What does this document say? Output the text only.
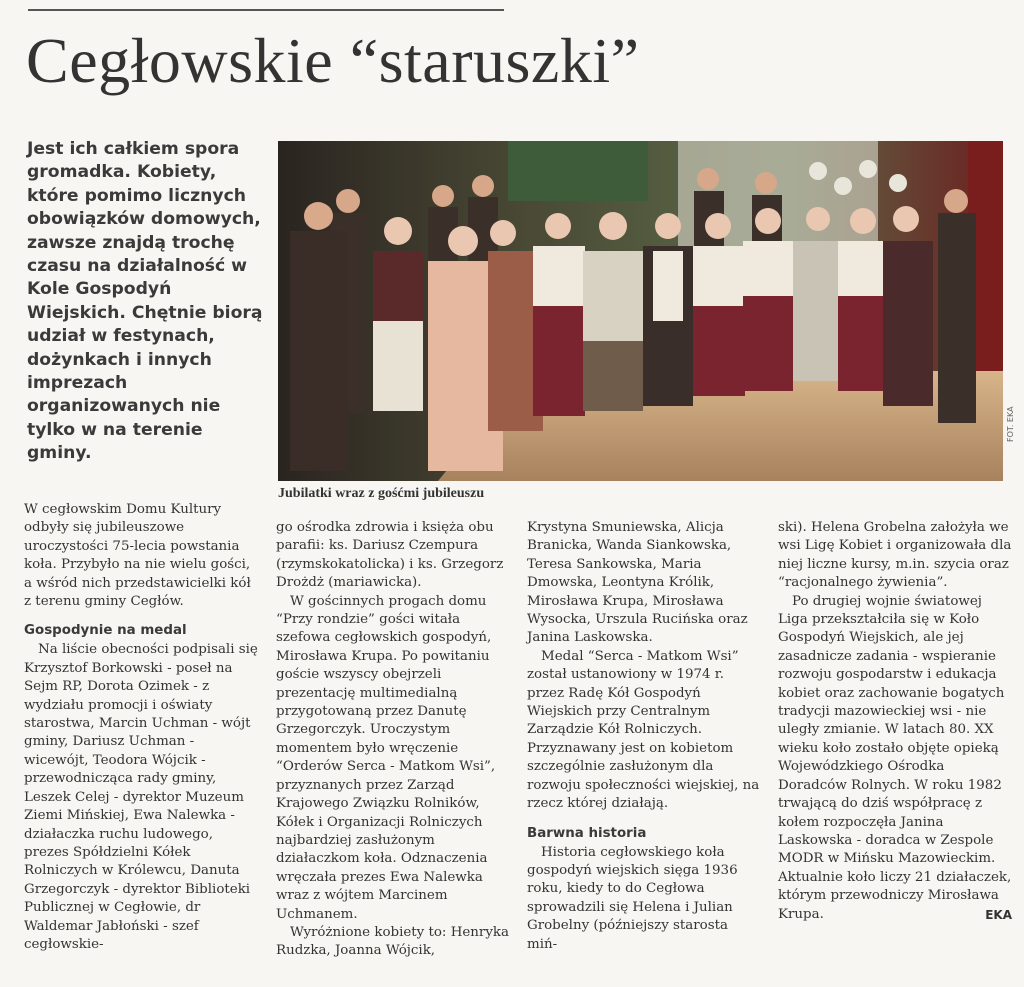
Cegłowskie “staruszki”

Jest ich całkiem spora gromadka. Kobiety, które pomimo licznych obowiązków domowych, zawsze znajdą trochę czasu na działalność w Kole Gospodyń Wiejskich. Chętnie biorą udział w festynach, dożynkach i innych imprezach organizowanych nie tylko w na terenie gminy.

FOT. EKA

Jubilatki wraz z gośćmi jubileuszu

W cegłowskim Domu Kultury odbyły się jubileuszowe uroczystości 75-lecia powstania koła. Przybyło na nie wielu gości, a wśród nich przedstawicielki kół z terenu gminy Cegłów.

Gospodynie na medal

Na liście obecności podpisali się Krzysztof Borkowski - poseł na Sejm RP, Dorota Ozimek - z wydziału promocji i oświaty starostwa, Marcin Uchman - wójt gminy, Dariusz Uchman - wicewójt, Teodora Wójcik - przewodnicząca rady gminy, Leszek Celej - dyrektor Muzeum Ziemi Mińskiej, Ewa Nalewka - działaczka ruchu ludowego, prezes Spółdzielni Kółek Rolniczych w Królewcu, Danuta Grzegorczyk - dyrektor Biblioteki Publicznej w Cegłowie, dr Waldemar Jabłoński - szef cegłowskie-

go ośrodka zdrowia i księża obu parafii: ks. Dariusz Czempura (rzymskokatolicka) i ks. Grzegorz Drożdż (mariawicka).

W gościnnych progach domu “Przy rondzie” gości witała szefowa cegłowskich gospodyń, Mirosława Krupa. Po powitaniu goście wszyscy obejrzeli prezentację multimedialną przygotowaną przez Danutę Grzegorczyk. Uroczystym momentem było wręczenie “Orderów Serca - Matkom Wsi”, przyznanych przez Zarząd Krajowego Związku Rolników, Kółek i Organizacji Rolniczych najbardziej zasłużonym działaczkom koła. Odznaczenia wręczała prezes Ewa Nalewka wraz z wójtem Marcinem Uchmanem.

Wyróżnione kobiety to: Henryka Rudzka, Joanna Wójcik,

Krystyna Smuniewska, Alicja Branicka, Wanda Siankowska, Teresa Sankowska, Maria Dmowska, Leontyna Królik, Mirosława Krupa, Mirosława Wysocka, Urszula Rucińska oraz Janina Laskowska.

Medal “Serca - Matkom Wsi” został ustanowiony w 1974 r. przez Radę Kół Gospodyń Wiejskich przy Centralnym Zarządzie Kół Rolniczych. Przyznawany jest on kobietom szczególnie zasłużonym dla rozwoju społeczności wiejskiej, na rzecz której działają.

Barwna historia

Historia cegłowskiego koła gospodyń wiejskich sięga 1936 roku, kiedy to do Cegłowa sprowadzili się Helena i Julian Grobelny (późniejszy starosta miń-

ski). Helena Grobelna założyła we wsi Ligę Kobiet i organizowała dla niej liczne kursy, m.in. szycia oraz “racjonalnego żywienia”.

Po drugiej wojnie światowej Liga przekształciła się w Koło Gospodyń Wiejskich, ale jej zasadnicze zadania - wspieranie rozwoju gospodarstw i edukacja kobiet oraz zachowanie bogatych tradycji mazowieckiej wsi - nie uległy zmianie. W latach 80. XX wieku koło zostało objęte opieką Wojewódzkiego Ośrodka Doradców Rolnych. W roku 1982 trwającą do dziś współpracę z kołem rozpoczęła Janina Laskowska - doradca w Zespole MODR w Mińsku Mazowieckim. Aktualnie koło liczy 21 działaczek, którym przewodniczy Mirosława Krupa.	EKA
